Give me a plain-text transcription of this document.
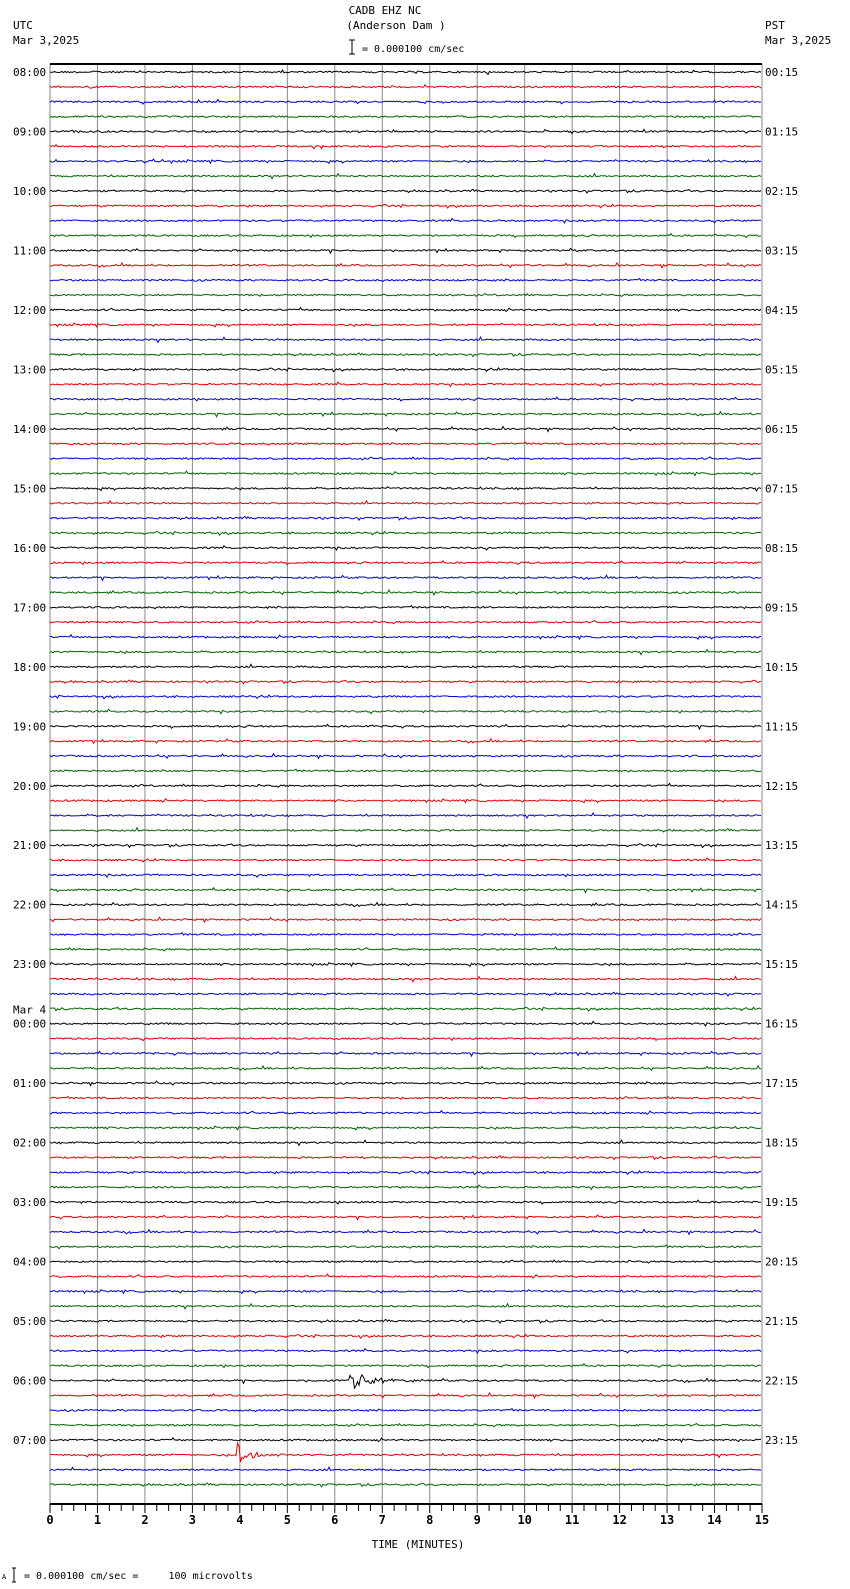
CADB EHZ NC
(Anderson Dam )
UTC
Mar 3,2025
PST
Mar 3,2025
= 0.000100 cm/sec
08:00
09:00
10:00
11:00
12:00
13:00
14:00
15:00
16:00
17:00
18:00
19:00
20:00
21:00
22:00
23:00
00:00
Mar 4
01:00
02:00
03:00
04:00
05:00
06:00
07:00
00:15
01:15
02:15
03:15
04:15
05:15
06:15
07:15
08:15
09:15
10:15
11:15
12:15
13:15
14:15
15:15
16:15
17:15
18:15
19:15
20:15
21:15
22:15
23:15
0	1	2	3	4	5	6	7	8	9	10	11	12	13	14	15
TIME (MINUTES)
A = 0.000100 cm/sec =     100 microvolts
